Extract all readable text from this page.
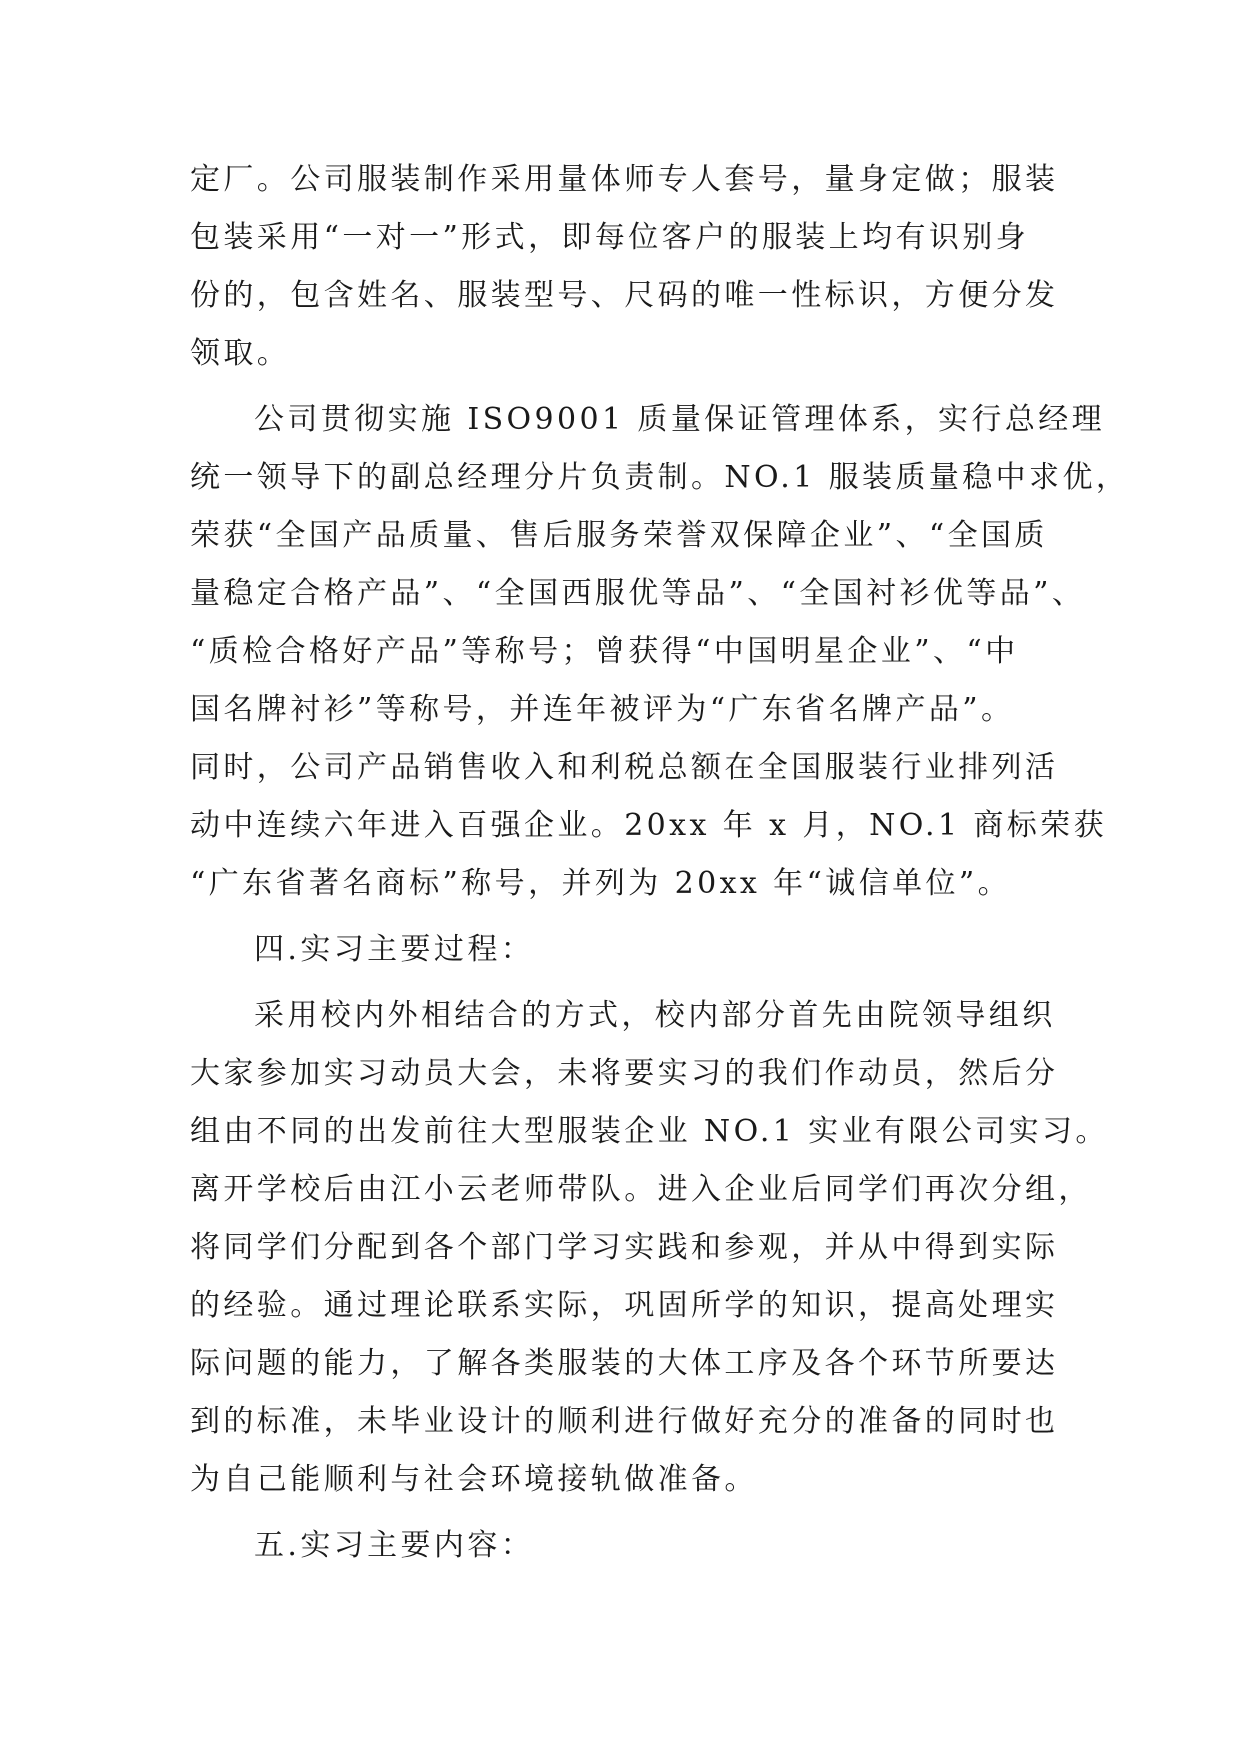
定厂。公司服装制作采用量体师专人套号，量身定做；服装
包装采用“一对一”形式，即每位客户的服装上均有识别身
份的，包含姓名、服装型号、尺码的唯一性标识，方便分发
领取。
公司贯彻实施 ISO9001 质量保证管理体系，实行总经理
统一领导下的副总经理分片负责制。NO.1 服装质量稳中求优，
荣获“全国产品质量、售后服务荣誉双保障企业”、“全国质
量稳定合格产品”、“全国西服优等品”、“全国衬衫优等品”、
“质检合格好产品”等称号；曾获得“中国明星企业”、“中
国名牌衬衫”等称号，并连年被评为“广东省名牌产品”。
同时，公司产品销售收入和利税总额在全国服装行业排列活
动中连续六年进入百强企业。20xx 年 x 月，NO.1 商标荣获
“广东省著名商标”称号，并列为 20xx 年“诚信单位”。
四.实习主要过程：
采用校内外相结合的方式，校内部分首先由院领导组织
大家参加实习动员大会，未将要实习的我们作动员，然后分
组由不同的出发前往大型服装企业 NO.1 实业有限公司实习。
离开学校后由江小云老师带队。进入企业后同学们再次分组，
将同学们分配到各个部门学习实践和参观，并从中得到实际
的经验。通过理论联系实际，巩固所学的知识，提高处理实
际问题的能力，了解各类服装的大体工序及各个环节所要达
到的标准，未毕业设计的顺利进行做好充分的准备的同时也
为自己能顺利与社会环境接轨做准备。
五.实习主要内容：
